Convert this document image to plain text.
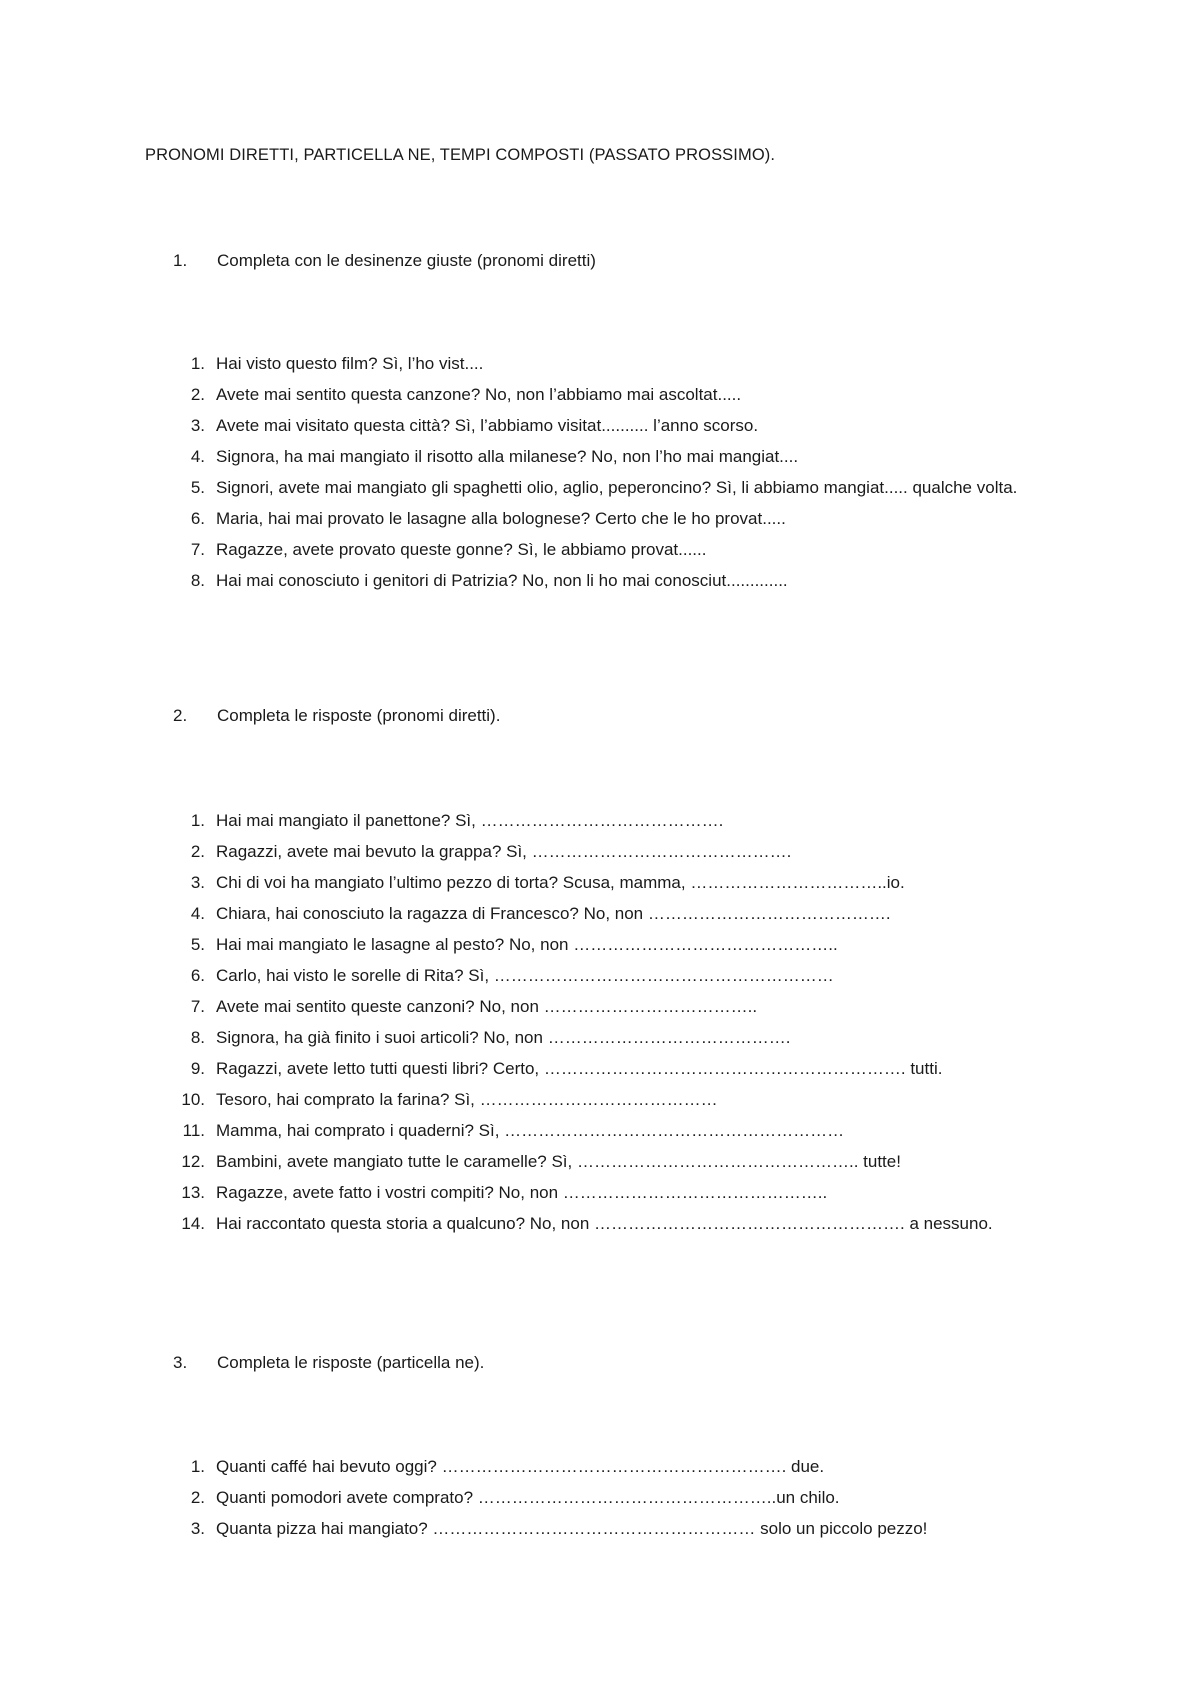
PRONOMI DIRETTI, PARTICELLA NE, TEMPI COMPOSTI (PASSATO PROSSIMO).
1. Completa con le desinenze giuste (pronomi diretti)
1. Hai visto questo film? Sì, l’ho vist....
2. Avete mai sentito questa canzone? No, non l’abbiamo mai ascoltat.....
3. Avete mai visitato questa città? Sì, l’abbiamo visitat.......... l’anno scorso.
4. Signora, ha mai mangiato il risotto alla milanese? No, non l’ho mai mangiat....
5. Signori, avete mai mangiato gli spaghetti olio, aglio, peperoncino? Sì, li abbiamo mangiat..... qualche volta.
6. Maria, hai mai provato le lasagne alla bolognese? Certo che le ho provat.....
7. Ragazze, avete provato queste gonne? Sì, le abbiamo provat......
8. Hai mai conosciuto i genitori di Patrizia? No, non li ho mai conosciut.............
2. Completa le risposte (pronomi diretti).
1. Hai mai mangiato il panettone? Sì, …………………………………….
2. Ragazzi, avete mai bevuto la grappa? Sì, ……………………………………….
3. Chi di voi ha mangiato l’ultimo pezzo di torta? Scusa, mamma, ……………………………..io.
4. Chiara, hai conosciuto la ragazza di Francesco? No, non …………………………………….
5. Hai mai mangiato le lasagne al pesto? No, non ………………………………………..
6. Carlo, hai visto le sorelle di Rita? Sì, ……………………………………………………
7. Avete mai sentito queste canzoni? No, non ………………………………..
8. Signora, ha già finito i suoi articoli? No, non …………………………………….
9. Ragazzi, avete letto tutti questi libri? Certo, ………………………………………………………. tutti.
10. Tesoro, hai comprato la farina? Sì, ……………………………………
11. Mamma, hai comprato i quaderni? Sì, ……………………………………………………
12. Bambini, avete mangiato tutte le caramelle? Sì, ………………………………………….. tutte!
13. Ragazze, avete fatto i vostri compiti? No, non ………………………………………..
14. Hai raccontato questa storia a qualcuno? No, non ………………………………………………. a nessuno.
3. Completa le risposte (particella ne).
1. Quanti caffé hai bevuto oggi? ……………………………………………………. due.
2. Quanti pomodori avete comprato? ……………………………………………..un chilo.
3. Quanta pizza hai mangiato? ………………………………………………… solo un piccolo pezzo!
